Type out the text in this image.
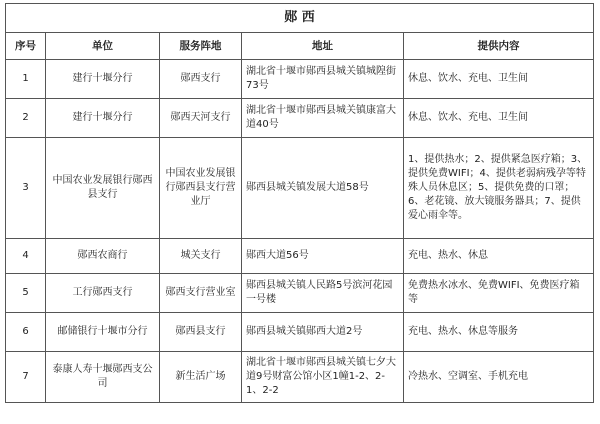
郧 西				
序号	单位	服务阵地	地址	提供内容
1	建行十堰分行	郧西支行	湖北省十堰市郧西县城关镇城隍街73号	休息、饮水、充电、卫生间
2	建行十堰分行	郧西天河支行	湖北省十堰市郧西县城关镇康富大道40号	休息、饮水、充电、卫生间
3	中国农业发展银行郧西县支行	中国农业发展银行郧西县支行营业厅	郧西县城关镇发展大道58号	1、提供热水；2、提供紧急医疗箱；3、提供免费WIFI；4、提供老弱病残孕等特殊人员休息区；5、提供免费的口罩；6、老花镜、放大镜服务器具；7、提供爱心雨伞等。
4	郧西农商行	城关支行	郧西大道56号	充电、热水、休息
5	工行郧西支行	郧西支行营业室	郧西县城关镇人民路5号滨河花园一号楼	免费热水冰水、免费WIFI、免费医疗箱等
6	邮储银行十堰市分行	郧西县支行	郧西县城关镇郧西大道2号	充电、热水、休息等服务
7	泰康人寿十堰郧西支公司	新生活广场	湖北省十堰市郧西县城关镇七夕大道9号财富公馆小区1幢1-2、2-1、2-2	冷热水、空调室、手机充电
